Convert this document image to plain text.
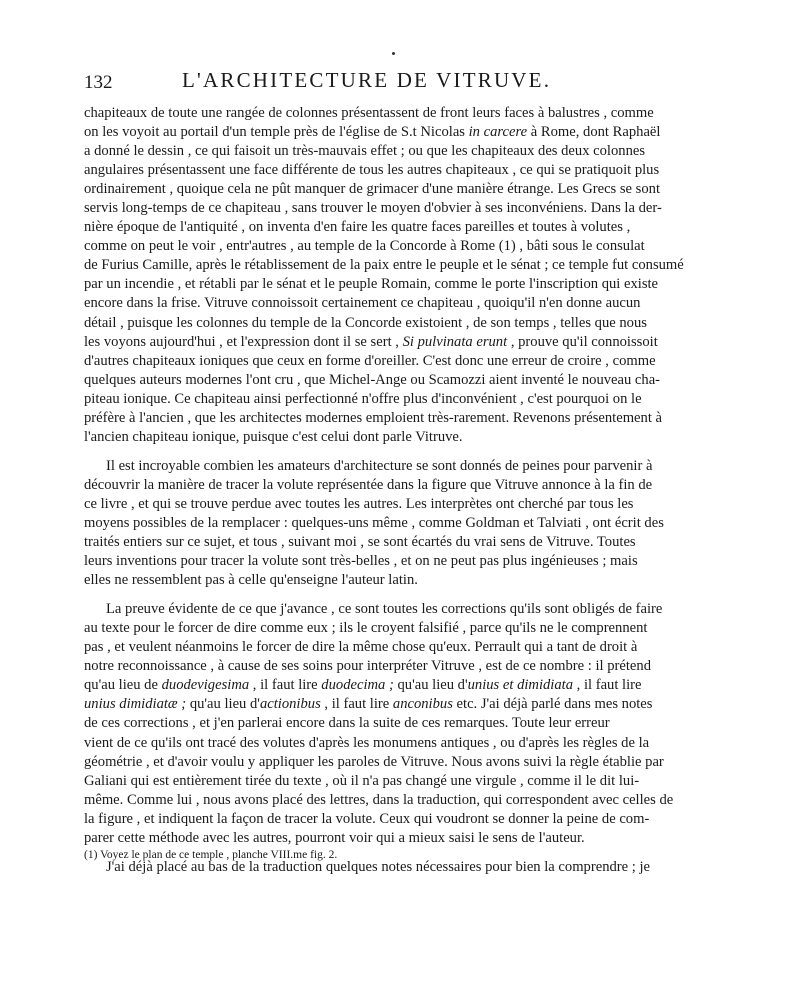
132	L'ARCHITECTURE DE VITRUVE.

chapiteaux de toute une rangée de colonnes présentassent de front leurs faces à balustres , comme
on les voyoit au portail d'un temple près de l'église de S.t Nicolas in carcere à Rome, dont Raphaël
a donné le dessin , ce qui faisoit un très-mauvais effet ; ou que les chapiteaux des deux colonnes
angulaires présentassent une face différente de tous les autres chapiteaux , ce qui se pratiquoit plus
ordinairement , quoique cela ne pût manquer de grimacer d'une manière étrange. Les Grecs se sont
servis long-temps de ce chapiteau , sans trouver le moyen d'obvier à ses inconvéniens. Dans la der-
nière époque de l'antiquité , on inventa d'en faire les quatre faces pareilles et toutes à volutes ,
comme on peut le voir , entr'autres , au temple de la Concorde à Rome (1) , bâti sous le consulat
de Furius Camille, après le rétablissement de la paix entre le peuple et le sénat ; ce temple fut consumé
par un incendie , et rétabli par le sénat et le peuple Romain, comme le porte l'inscription qui existe
encore dans la frise. Vitruve connoissoit certainement ce chapiteau , quoiqu'il n'en donne aucun
détail , puisque les colonnes du temple de la Concorde existoient , de son temps , telles que nous
les voyons aujourd'hui , et l'expression dont il se sert , Si pulvinata erunt , prouve qu'il connoissoit
d'autres chapiteaux ioniques que ceux en forme d'oreiller. C'est donc une erreur de croire , comme
quelques auteurs modernes l'ont cru , que Michel-Ange ou Scamozzi aient inventé le nouveau cha-
piteau ionique. Ce chapiteau ainsi perfectionné n'offre plus d'inconvénient , c'est pourquoi on le
préfère à l'ancien , que les architectes modernes emploient très-rarement. Revenons présentement à
l'ancien chapiteau ionique, puisque c'est celui dont parle Vitruve.

Il est incroyable combien les amateurs d'architecture se sont donnés de peines pour parvenir à
découvrir la manière de tracer la volute représentée dans la figure que Vitruve annonce à la fin de
ce livre , et qui se trouve perdue avec toutes les autres. Les interprètes ont cherché par tous les
moyens possibles de la remplacer : quelques-uns même , comme Goldman et Talviati , ont écrit des
traités entiers sur ce sujet, et tous , suivant moi , se sont écartés du vrai sens de Vitruve. Toutes
leurs inventions pour tracer la volute sont très-belles , et on ne peut pas plus ingénieuses ; mais
elles ne ressemblent pas à celle qu'enseigne l'auteur latin.

La preuve évidente de ce que j'avance , ce sont toutes les corrections qu'ils sont obligés de faire
au texte pour le forcer de dire comme eux ; ils le croyent falsifié , parce qu'ils ne le comprennent
pas , et veulent néanmoins le forcer de dire la même chose qu'eux. Perrault qui a tant de droit à
notre reconnoissance , à cause de ses soins pour interpréter Vitruve , est de ce nombre : il prétend
qu'au lieu de duodevigesima , il faut lire duodecima ; qu'au lieu d'unius et dimidiata , il faut lire
unius dimidiatæ ; qu'au lieu d'actionibus , il faut lire anconibus etc. J'ai déjà parlé dans mes notes
de ces corrections , et j'en parlerai encore dans la suite de ces remarques. Toute leur erreur
vient de ce qu'ils ont tracé des volutes d'après les monumens antiques , ou d'après les règles de la
géométrie , et d'avoir voulu y appliquer les paroles de Vitruve. Nous avons suivi la règle établie par
Galiani qui est entièrement tirée du texte , où il n'a pas changé une virgule , comme il le dit lui-
même. Comme lui , nous avons placé des lettres, dans la traduction, qui correspondent avec celles de
la figure , et indiquent la façon de tracer la volute. Ceux qui voudront se donner la peine de com-
parer cette méthode avec les autres, pourront voir qui a mieux saisi le sens de l'auteur.

J'ai déjà placé au bas de la traduction quelques notes nécessaires pour bien la comprendre ; je

(1) Voyez le plan de ce temple , planche VIII.me fig. 2.
